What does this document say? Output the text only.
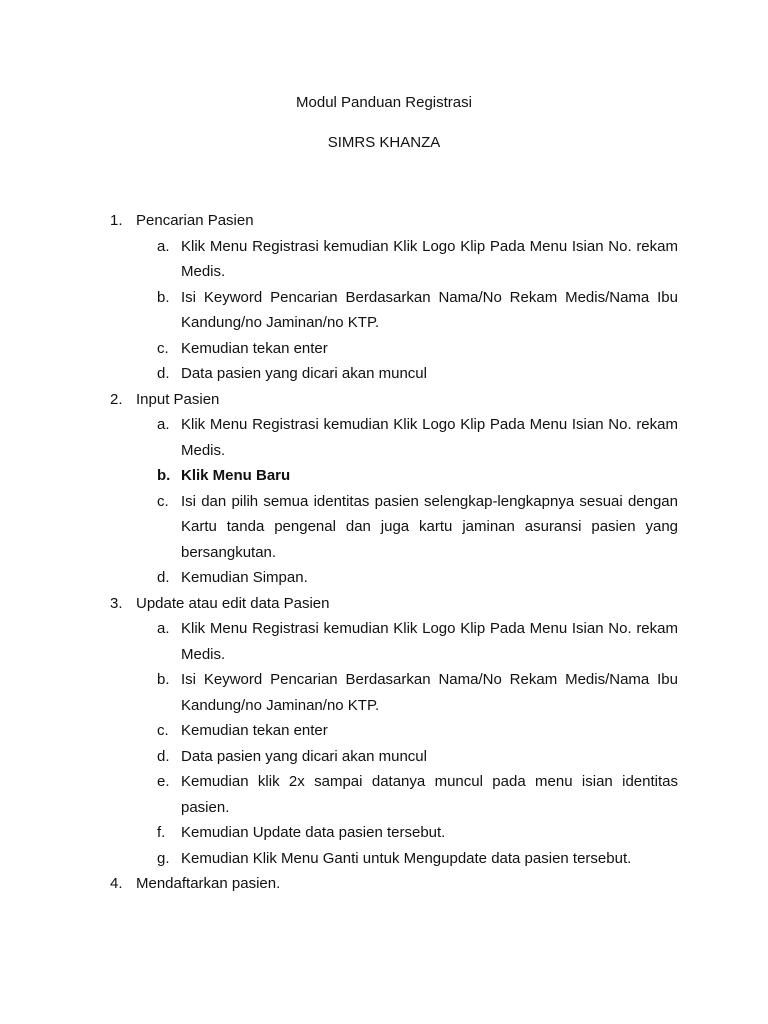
Modul Panduan Registrasi
SIMRS KHANZA
1. Pencarian Pasien
a. Klik Menu Registrasi kemudian Klik Logo Klip Pada Menu Isian No. rekam Medis.
b. Isi Keyword Pencarian Berdasarkan Nama/No Rekam Medis/Nama Ibu Kandung/no Jaminan/no KTP.
c. Kemudian tekan enter
d. Data pasien yang dicari akan muncul
2. Input Pasien
a. Klik Menu Registrasi kemudian Klik Logo Klip Pada Menu Isian No. rekam Medis.
b. Klik Menu Baru
c. Isi dan pilih semua identitas pasien selengkap-lengkapnya sesuai dengan Kartu tanda pengenal dan juga kartu jaminan asuransi pasien yang bersangkutan.
d. Kemudian Simpan.
3. Update atau edit data Pasien
a. Klik Menu Registrasi kemudian Klik Logo Klip Pada Menu Isian No. rekam Medis.
b. Isi Keyword Pencarian Berdasarkan Nama/No Rekam Medis/Nama Ibu Kandung/no Jaminan/no KTP.
c. Kemudian tekan enter
d. Data pasien yang dicari akan muncul
e. Kemudian klik 2x sampai datanya muncul pada menu isian identitas pasien.
f.	Kemudian Update data pasien tersebut.
g. Kemudian Klik Menu Ganti untuk Mengupdate data pasien tersebut.
4. Mendaftarkan pasien.
